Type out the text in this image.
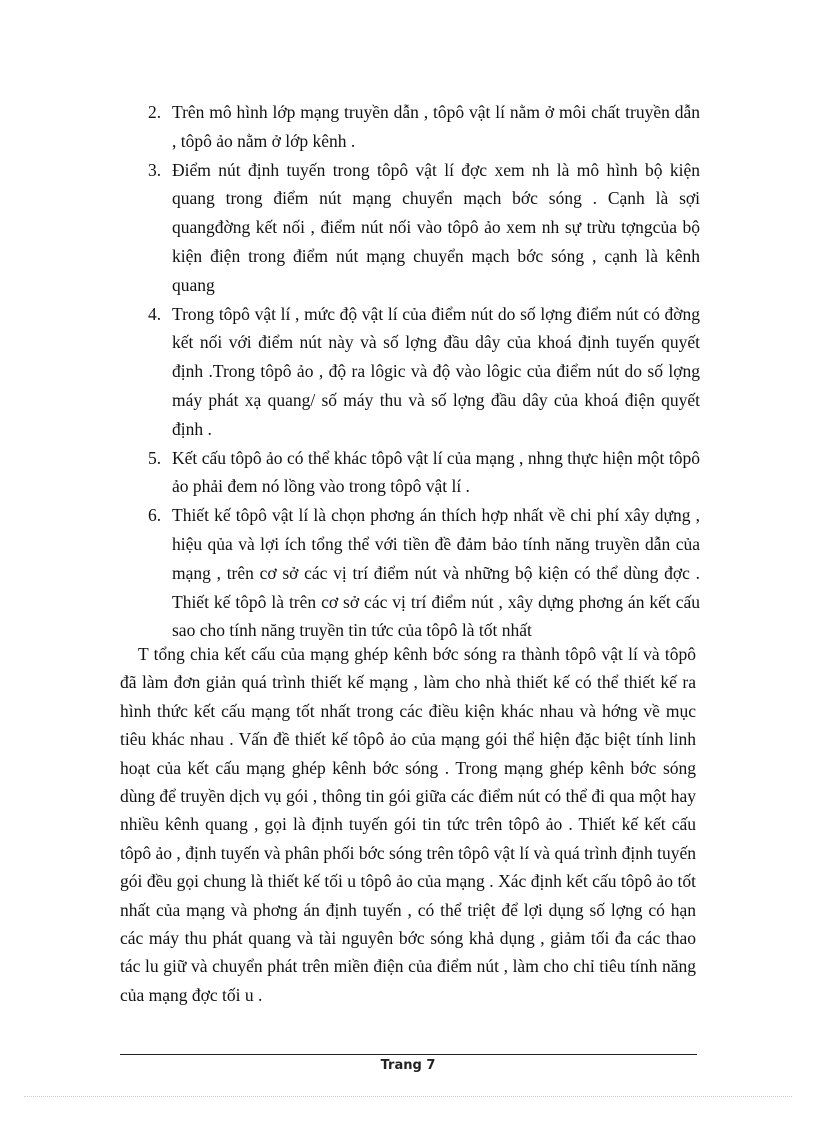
2. Trên mô hình lớp mạng truyền dẫn , tôpô vật lí nằm ở môi chất truyền dẫn , tôpô ảo nằm ở lớp kênh .
3. Điểm nút định tuyến trong tôpô vật lí đợc xem nh là mô hình bộ kiện quang trong điểm nút mạng chuyển mạch bớc sóng . Cạnh là sợi quangđờng kết nối , điểm nút nối vào tôpô ảo xem nh sự trừu tợngcủa bộ kiện điện trong điểm nút mạng chuyển mạch bớc sóng , cạnh là kênh quang
4. Trong tôpô vật lí , mức độ vật lí của điểm nút do số lợng điểm nút có đờng kết nối với điểm nút này và số lợng đầu dây của khoá định tuyến quyết định .Trong tôpô ảo , độ ra lôgic và độ vào lôgic của điểm nút do số lợng máy phát xạ quang/ số máy thu và số lợng đầu dây của khoá điện quyết định .
5. Kết cấu tôpô ảo có thể khác tôpô vật lí của mạng , nhng thực hiện một tôpô ảo phải đem nó lồng vào trong tôpô vật lí .
6. Thiết kế tôpô vật lí là chọn phơng án thích hợp nhất về chi phí xây dựng , hiệu qủa và lợi ích tổng thể với tiền đề đảm bảo tính năng truyền dẫn của mạng , trên cơ sở các vị trí điểm nút và những bộ kiện có thể dùng đợc . Thiết kế tôpô là trên cơ sở các vị trí điểm nút , xây dựng phơng án kết cấu sao cho tính năng truyền tin tức của tôpô là tốt nhất

T tổng chia kết cấu của mạng ghép kênh bớc sóng ra thành tôpô vật lí và tôpô đã làm đơn giản quá trình thiết kế mạng , làm cho nhà thiết kế có thể thiết kế ra hình thức kết cấu mạng tốt nhất trong các điều kiện khác nhau và hớng về mục tiêu khác nhau . Vấn đề thiết kế tôpô ảo của mạng gói thể hiện đặc biệt tính linh hoạt của kết cấu mạng ghép kênh bớc sóng . Trong mạng ghép kênh bớc sóng dùng để truyền dịch vụ gói , thông tin gói giữa các điểm nút có thể đi qua một hay nhiều kênh quang , gọi là định tuyến gói tin tức trên tôpô ảo . Thiết kế kết cấu tôpô ảo , định tuyến và phân phối bớc sóng trên tôpô vật lí và quá trình định tuyến gói đều gọi chung là thiết kế tối u tôpô ảo của mạng . Xác định kết cấu tôpô ảo tốt nhất của mạng và phơng án định tuyến , có thể triệt để lợi dụng số lợng có hạn các máy thu phát quang và tài nguyên bớc sóng khả dụng , giảm tối đa các thao tác lu giữ và chuyển phát trên miền điện của điểm nút , làm cho chỉ tiêu tính năng của mạng đợc tối u .

Trang 7
